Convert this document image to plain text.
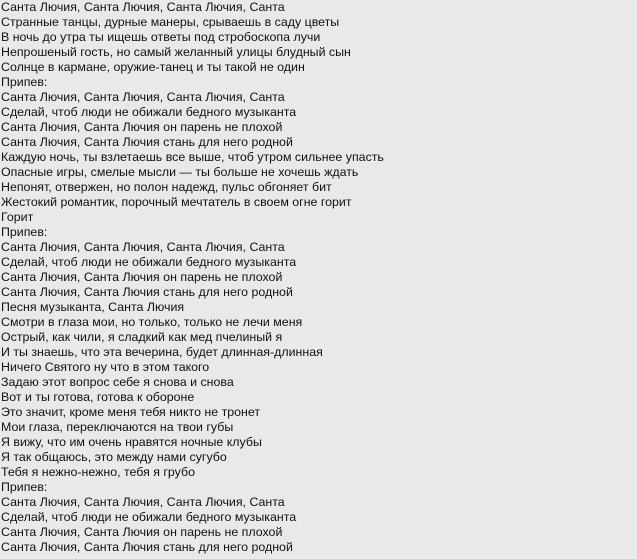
Санта Лючия, Санта Лючия, Санта Лючия, Санта
Странные танцы, дурные манеры, срываешь в саду цветы
В ночь до утра ты ищешь ответы под стробоскопа лучи
Непрошеный гость, но самый желанный улицы блудный сын
Солнце в кармане, оружие-танец и ты такой не один
Припев:
Санта Лючия, Санта Лючия, Санта Лючия, Санта
Сделай, чтоб люди не обижали бедного музыканта
Санта Лючия, Санта Лючия он парень не плохой
Санта Лючия, Санта Лючия стань для него родной
Каждую ночь, ты взлетаешь все выше, чтоб утром сильнее упасть
Опасные игры, смелые мысли — ты больше не хочешь ждать
Непонят, отвержен, но полон надежд, пульс обгоняет бит
Жестокий романтик, порочный мечтатель в своем огне горит
Горит
Припев:
Санта Лючия, Санта Лючия, Санта Лючия, Санта
Сделай, чтоб люди не обижали бедного музыканта
Санта Лючия, Санта Лючия он парень не плохой
Санта Лючия, Санта Лючия стань для него родной
Песня музыканта, Санта Лючия
Смотри в глаза мои, но только, только не лечи меня
Острый, как чили, я сладкий как мед пчелиный я
И ты знаешь, что эта вечерина, будет длинная-длинная
Ничего Святого ну что в этом такого
Задаю этот вопрос себе я снова и снова
Вот и ты готова, готова к обороне
Это значит, кроме меня тебя никто не тронет
Мои глаза, переключаются на твои губы
Я вижу, что им очень нравятся ночные клубы
Я так общаюсь, это между нами сугубо
Тебя я нежно-нежно, тебя я грубо
Припев:
Санта Лючия, Санта Лючия, Санта Лючия, Санта
Сделай, чтоб люди не обижали бедного музыканта
Санта Лючия, Санта Лючия он парень не плохой
Санта Лючия, Санта Лючия стань для него родной
